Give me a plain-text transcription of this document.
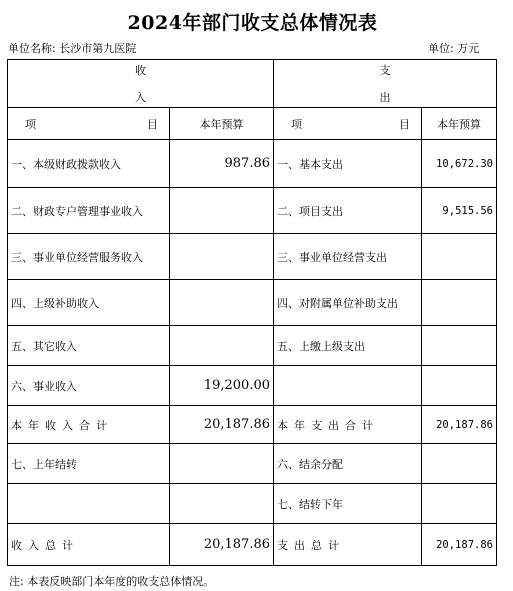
2024年部门收支总体情况表
单位名称: 长沙市第九医院	单位: 万元
收
入		支
出	

项 目	本年预算	项 目	本年预算
一、本级财政拨款收入	987.86	一、基本支出	10,672.30
二、财政专户管理事业收入		二、项目支出	9,515.56
三、事业单位经营服务收入		三、事业单位经营支出	
四、上级补助收入		四、对附属单位补助支出	
五、其它收入		五、上缴上级支出	
六、事业收入	19,200.00		
本年收入合计	20,187.86	本年支出合计	20,187.86
七、上年结转		六、结余分配	
		七、结转下年	
收入总计	20,187.86	支出总计	20,187.86
注: 本表反映部门本年度的收支总体情况。
